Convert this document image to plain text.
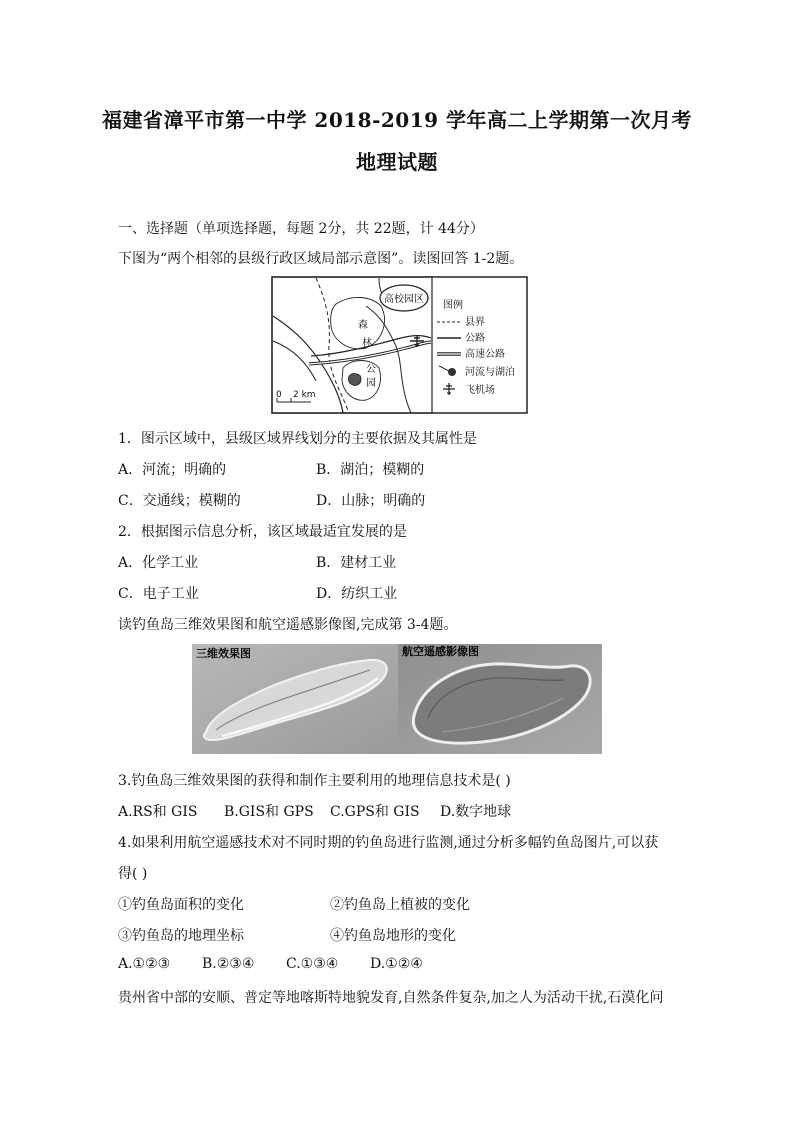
福建省漳平市第一中学 2018-2019 学年高二上学期第一次月考
地理试题
一、选择题（单项选择题，每题 2分，共 22题，计 44分）
下图为“两个相邻的县级行政区域局部示意图”。读图回答 1-2题。
高校园区
森
林
公
园
0 2 km
图例
县界
公路
高速公路
河流与湖泊
飞机场
1．图示区域中，县级区域界线划分的主要依据及其属性是
A．河流；明确的	B．湖泊；模糊的
C．交通线；模糊的	D．山脉；明确的
2．根据图示信息分析，该区域最适宜发展的是
A．化学工业	B．建材工业
C．电子工业	D．纺织工业
读钓鱼岛三维效果图和航空遥感影像图,完成第 3-4题。
三维效果图	航空遥感影像图
3.钓鱼岛三维效果图的获得和制作主要利用的地理信息技术是( )
A.RS和 GIS B.GIS和 GPS C.GPS和 GIS D.数字地球
4.如果利用航空遥感技术对不同时期的钓鱼岛进行监测,通过分析多幅钓鱼岛图片,可以获
得( )
①钓鱼岛面积的变化	②钓鱼岛上植被的变化
③钓鱼岛的地理坐标	④钓鱼岛地形的变化
A.①②③ B.②③④ C.①③④ D.①②④
贵州省中部的安顺、普定等地喀斯特地貌发育,自然条件复杂,加之人为活动干扰,石漠化问
